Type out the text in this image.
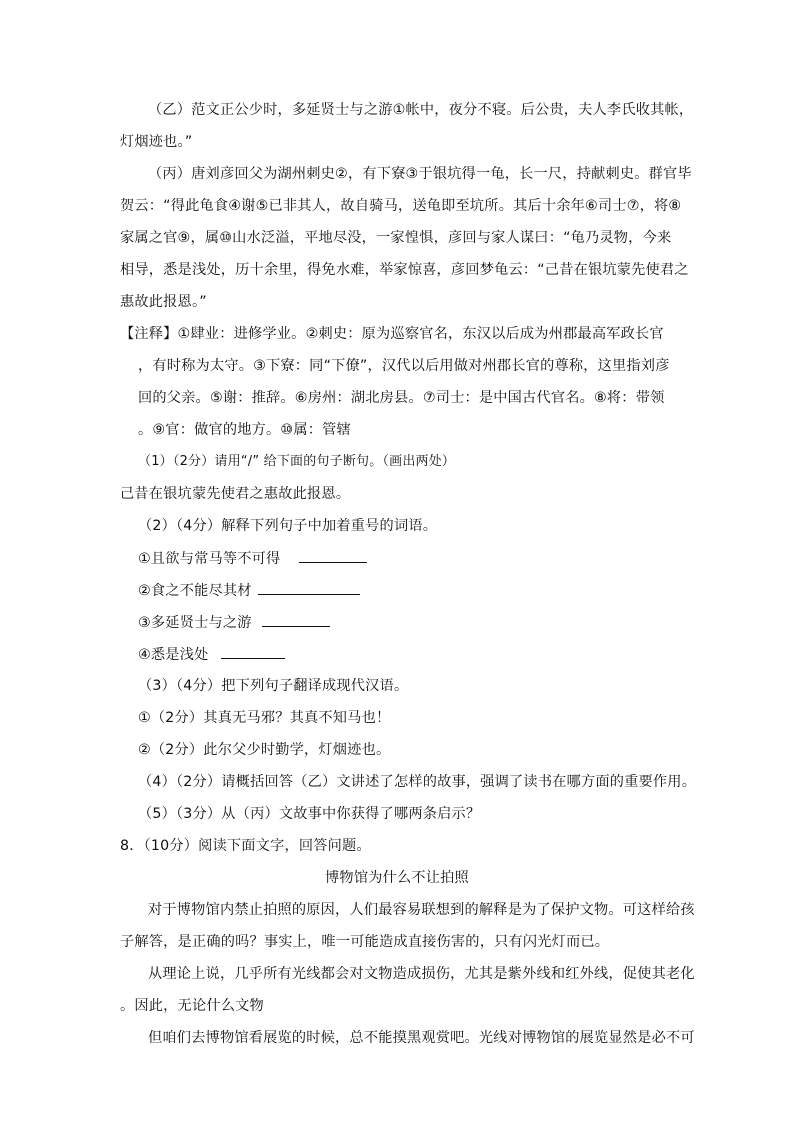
（乙）范文正公少时，多延贤士与之游①帐中，夜分不寝。后公贵，夫人李氏收其帐，
灯烟迹也。”
（丙）唐刘彦回父为湖州刺史②，有下寮③于银坑得一龟，长一尺，持献刺史。群官毕
贺云：“得此龟食④谢⑤已非其人，故自骑马，送龟即至坑所。其后十余年⑥司士⑦，将⑧
家属之官⑨，属⑩山水泛溢，平地尽没，一家惶惧，彦回与家人谋曰：“龟乃灵物，今来
相导，悉是浅处，历十余里，得免水难，举家惊喜，彦回梦龟云：“己昔在银坑蒙先使君之
惠故此报恩。”
【注释】①肆业：进修学业。②刺史：原为巡察官名，东汉以后成为州郡最高军政长官
，有时称为太守。③下寮：同“下僚”，汉代以后用做对州郡长官的尊称，这里指刘彦
回的父亲。⑤谢：推辞。⑥房州：湖北房县。⑦司士：是中国古代官名。⑧将：带领
。⑨官：做官的地方。⑩属：管辖
（1）（2分）请用“/” 给下面的句子断句。（画出两处）
己昔在银坑蒙先使君之惠故此报恩。
（2）（4分）解释下列句子中加着重号的词语。
①且欲与常马等不可得
②食之不能尽其材
③多延贤士与之游
④悉是浅处
（3）（4分）把下列句子翻译成现代汉语。
①（2分）其真无马邪？其真不知马也！
②（2分）此尔父少时勤学，灯烟迹也。
（4）（2分）请概括回答（乙）文讲述了怎样的故事，强调了读书在哪方面的重要作用。
（5）（3分）从（丙）文故事中你获得了哪两条启示？
8．（10分）阅读下面文字，回答问题。
博物馆为什么不让拍照
对于博物馆内禁止拍照的原因，人们最容易联想到的解释是为了保护文物。可这样给孩
子解答，是正确的吗？事实上，唯一可能造成直接伤害的，只有闪光灯而已。
从理论上说，几乎所有光线都会对文物造成损伤，尤其是紫外线和红外线，促使其老化
。因此，无论什么文物
但咱们去博物馆看展览的时候，总不能摸黑观赏吧。光线对博物馆的展览显然是必不可
